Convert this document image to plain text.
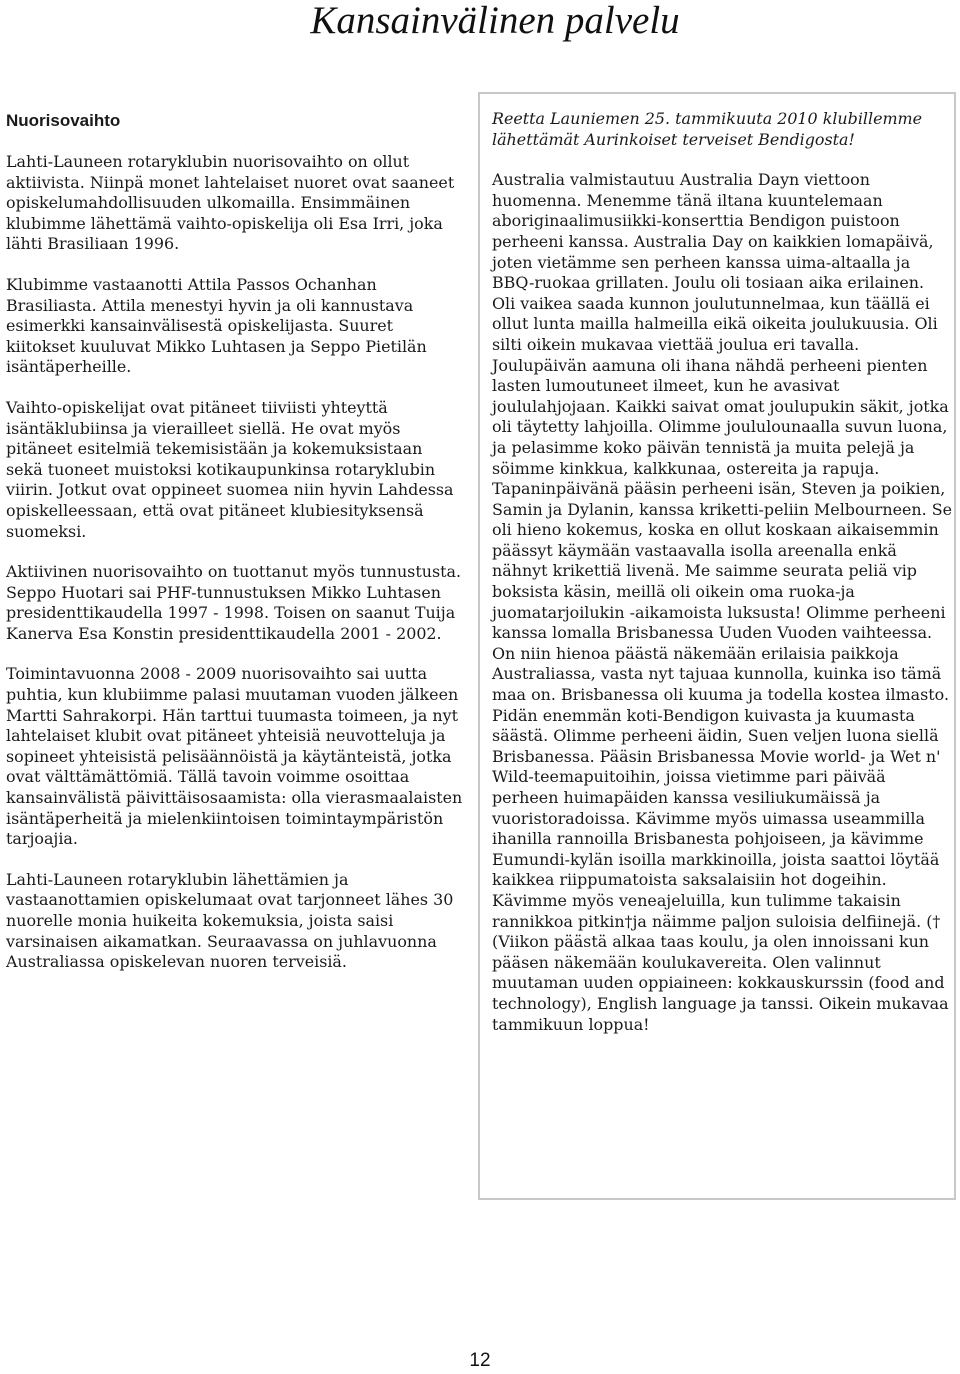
Kansainvälinen palvelu
Nuorisovaihto

Lahti-Launeen rotaryklubin nuorisovaihto on ollut aktiivista. Niinpä monet lahtelaiset nuoret ovat saaneet opiskelumahdollisuuden ulkomailla. Ensimmäinen klubimme lähettämä vaihto-opiskelija oli Esa Irri, joka lähti Brasiliaan 1996.

Klubimme vastaanotti Attila Passos Ochanhan Brasiliasta. Attila menestyi hyvin ja oli kannustava esimerkki kansainvälisestä opiskelijasta. Suuret kiitokset kuuluvat Mikko Luhtasen ja Seppo Pietilän isäntäperheille.

Vaihto-opiskelijat ovat pitäneet tiiviisti yhteyttä isäntäklubiinsa ja vierailleet siellä. He ovat myös pitäneet esitelmiä tekemisistään ja kokemuksistaan sekä tuoneet muistoksi kotikaupunkinsa rotaryklubin viirin. Jotkut ovat oppineet suomea niin hyvin Lahdessa opiskelleessaan, että ovat pitäneet klubiesityksensä suomeksi.

Aktiivinen nuorisovaihto on tuottanut myös tunnustusta. Seppo Huotari sai PHF-tunnustuksen Mikko Luhtasen presidenttikaudella 1997 - 1998. Toisen on saanut Tuija Kanerva Esa Konstin presidenttikaudella 2001 - 2002.

Toimintavuonna 2008 - 2009 nuorisovaihto sai uutta puhtia, kun klubiimme palasi muutaman vuoden jälkeen Martti Sahrakorpi. Hän tarttui tuumasta toimeen, ja nyt lahtelaiset klubit ovat pitäneet yhteisiä neuvotteluja ja sopineet yhteisistä pelisäännöistä ja käytänteistä, jotka ovat välttämättömiä. Tällä tavoin voimme osoittaa kansainvälistä päivittäisosaamista: olla vierasmaalaisten isäntäperheitä ja mielenkiintoisen toimintaympäristön tarjoajia.

Lahti-Launeen rotaryklubin lähettämien ja vastaanottamien opiskelumaat ovat tarjonneet lähes 30 nuorelle monia huikeita kokemuksia, joista saisi varsinaisen aikamatkan. Seuraavassa on juhlavuonna Australiassa opiskelevan nuoren terveisiä.

Reetta Launiemen 25. tammikuuta 2010 klubillemme lähettämät Aurinkoiset terveiset Bendigosta!

Australia valmistautuu Australia Dayn viettoon huomenna. Menemme tänä iltana kuuntelemaan aboriginaalimusiikki-konserttia Bendigon puistoon perheeni kanssa. Australia Day on kaikkien lomapäivä, joten vietämme sen perheen kanssa uima-altaalla ja BBQ-ruokaa grillaten. Joulu oli tosiaan aika erilainen. Oli vaikea saada kunnon joulutunnelmaa, kun täällä ei ollut lunta mailla halmeilla eikä oikeita joulukuusia. Oli silti oikein mukavaa viettää joulua eri tavalla. Joulupäivän aamuna oli ihana nähdä perheeni pienten lasten lumoutuneet ilmeet, kun he avasivat joululahjojaan. Kaikki saivat omat joulupukin säkit, jotka oli täytetty lahjoilla. Olimme joululounaalla suvun luona, ja pelasimme koko päivän tennistä ja muita pelejä ja söimme kinkkua, kalkkunaa, ostereita ja rapuja. Tapaninpäivänä pääsin perheeni isän, Steven ja poikien, Samin ja Dylanin, kanssa kriketti-peliin Melbourneen. Se oli hieno kokemus, koska en ollut koskaan aikaisemmin päässyt käymään vastaavalla isolla areenalla enkä nähnyt krikettiä livenä. Me saimme seurata peliä vip boksista käsin, meillä oli oikein oma ruoka-ja juomatarjoilukin -aikamoista luksusta! Olimme perheeni kanssa lomalla Brisbanessa Uuden Vuoden vaihteessa. On niin hienoa päästä näkemään erilaisia paikkoja Australiassa, vasta nyt tajuaa kunnolla, kuinka iso tämä maa on. Brisbanessa oli kuuma ja todella kostea ilmasto. Pidän enemmän koti-Bendigon kuivasta ja kuumasta säästä. Olimme perheeni äidin, Suen veljen luona siellä Brisbanessa. Pääsin Brisbanessa Movie world- ja Wet n' Wild-teemapuitoihin, joissa vietimme pari päivää perheen huimapäiden kanssa vesiliukumäissä ja vuoristoradoissa. Kävimme myös uimassa useammilla ihanilla rannoilla Brisbanesta pohjoiseen, ja kävimme Eumundi-kylän isoilla markkinoilla, joista saattoi löytää kaikkea riippumatoista saksalaisiin hot dogeihin. Kävimme myös veneajeluilla, kun tulimme takaisin rannikkoa pitkin†ja näimme paljon suloisia delfiinejä. († (Viikon päästä alkaa taas koulu, ja olen innoissani kun pääsen näkemään koulukavereita. Olen valinnut muutaman uuden oppiaineen: kokkauskurssin (food and technology), English language ja tanssi. Oikein mukavaa tammikuun loppua!

12
